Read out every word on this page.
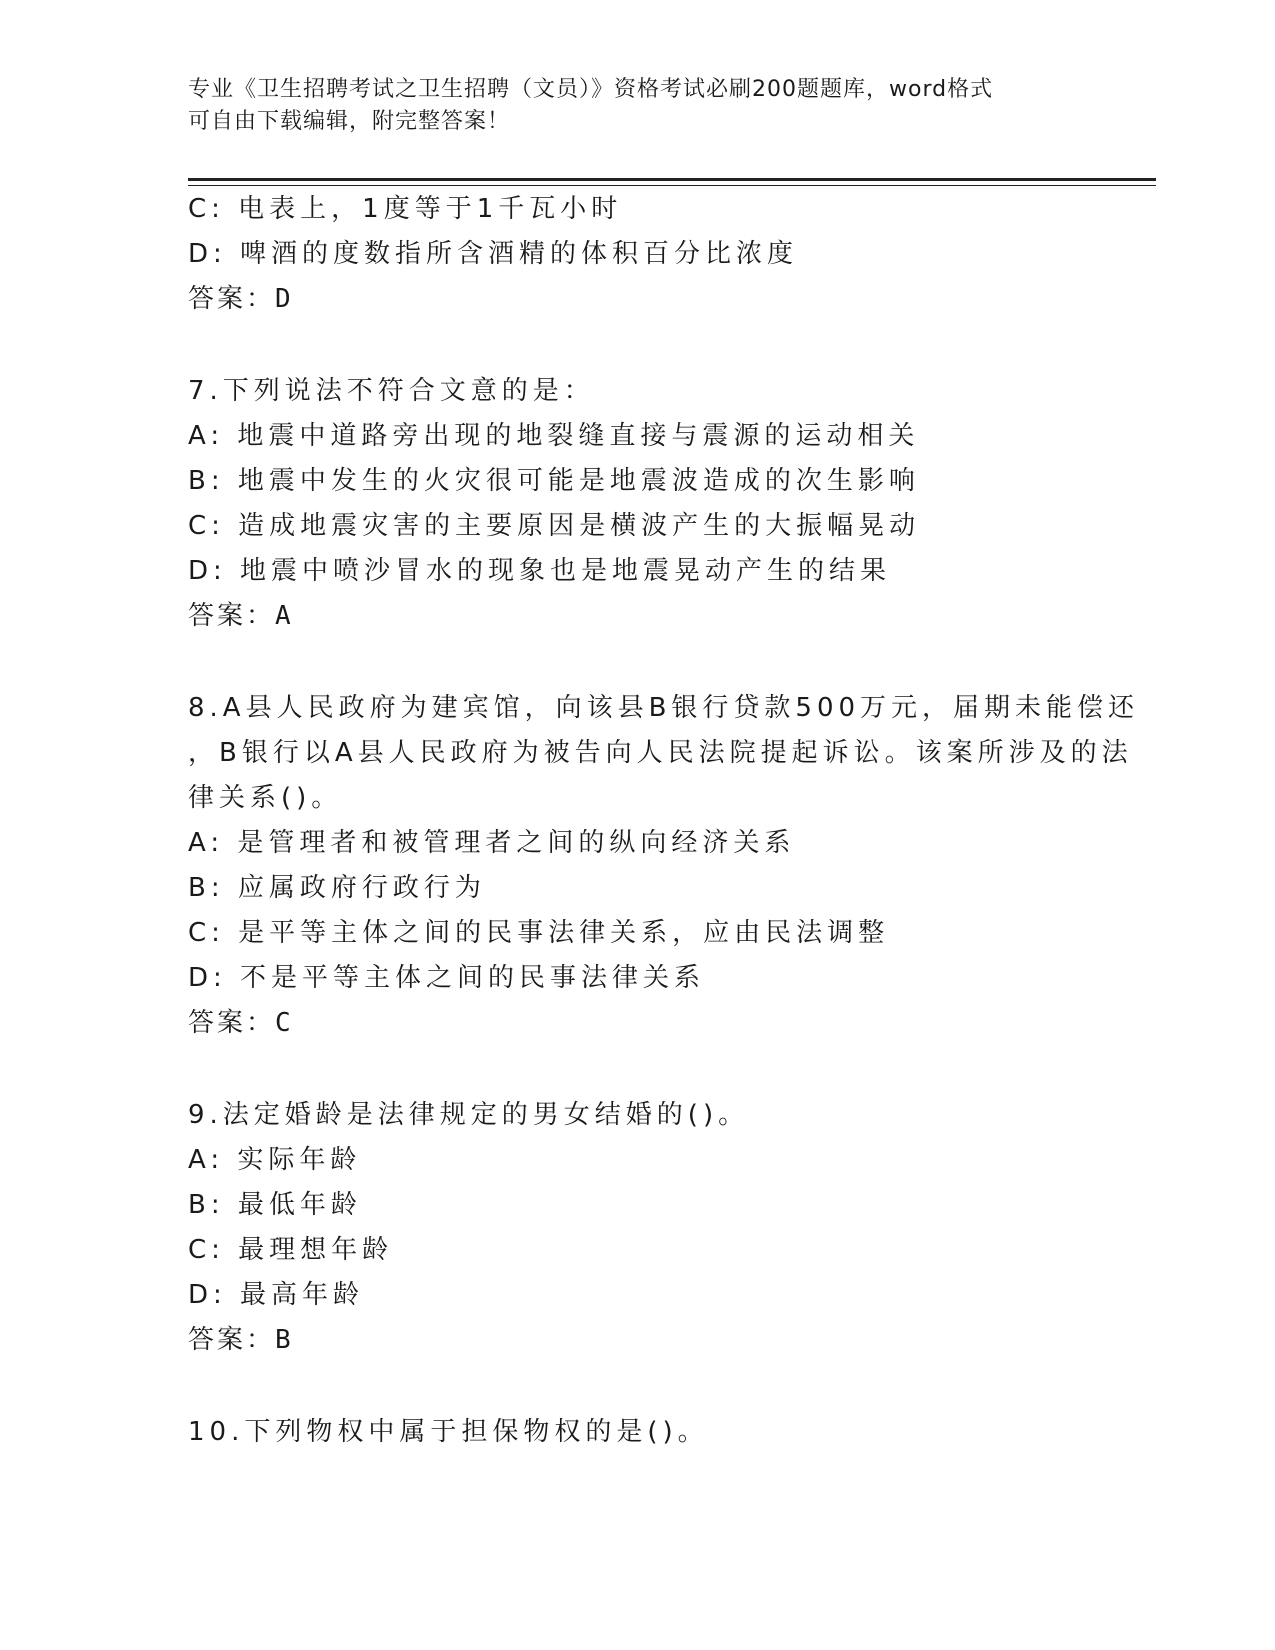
专业《卫生招聘考试之卫生招聘（文员）》资格考试必刷200题题库，word格式
可自由下载编辑，附完整答案！
C: 电表上，1度等于1千瓦小时
D: 啤酒的度数指所含酒精的体积百分比浓度
答案：D
7.下列说法不符合文意的是：
A: 地震中道路旁出现的地裂缝直接与震源的运动相关
B: 地震中发生的火灾很可能是地震波造成的次生影响
C: 造成地震灾害的主要原因是横波产生的大振幅晃动
D: 地震中喷沙冒水的现象也是地震晃动产生的结果
答案：A
8.A县人民政府为建宾馆，向该县B银行贷款500万元，届期未能偿还
，B银行以A县人民政府为被告向人民法院提起诉讼。该案所涉及的法
律关系()。
A: 是管理者和被管理者之间的纵向经济关系
B: 应属政府行政行为
C: 是平等主体之间的民事法律关系，应由民法调整
D: 不是平等主体之间的民事法律关系
答案：C
9.法定婚龄是法律规定的男女结婚的()。
A: 实际年龄
B: 最低年龄
C: 最理想年龄
D: 最高年龄
答案：B
10.下列物权中属于担保物权的是()。
